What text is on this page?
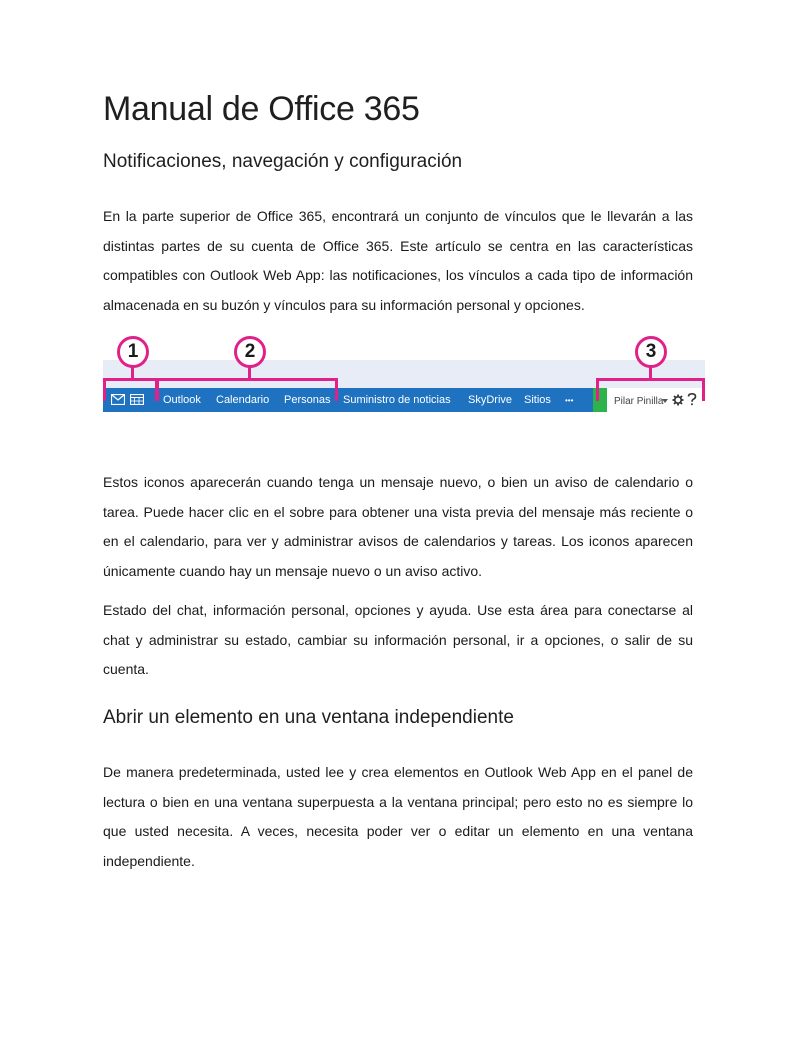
Manual de Office 365
Notificaciones, navegación y configuración

En la parte superior de Office 365, encontrará un conjunto de vínculos que le llevarán a las distintas partes de su cuenta de Office 365. Este artículo se centra en las características compatibles con Outlook Web App: las notificaciones, los vínculos a cada tipo de información almacenada en su buzón y vínculos para su información personal y opciones.

Outlook Calendario Personas Suministro de noticias SkyDrive Sitios •••	Pilar Pinilla
1	2	3

Estos iconos aparecerán cuando tenga un mensaje nuevo, o bien un aviso de calendario o tarea. Puede hacer clic en el sobre para obtener una vista previa del mensaje más reciente o en el calendario, para ver y administrar avisos de calendarios y tareas. Los iconos aparecen únicamente cuando hay un mensaje nuevo o un aviso activo.

Estado del chat, información personal, opciones y ayuda. Use esta área para conectarse al chat y administrar su estado, cambiar su información personal, ir a opciones, o salir de su cuenta.

Abrir un elemento en una ventana independiente

De manera predeterminada, usted lee y crea elementos en Outlook Web App en el panel de lectura o bien en una ventana superpuesta a la ventana principal; pero esto no es siempre lo que usted necesita. A veces, necesita poder ver o editar un elemento en una ventana independiente.
